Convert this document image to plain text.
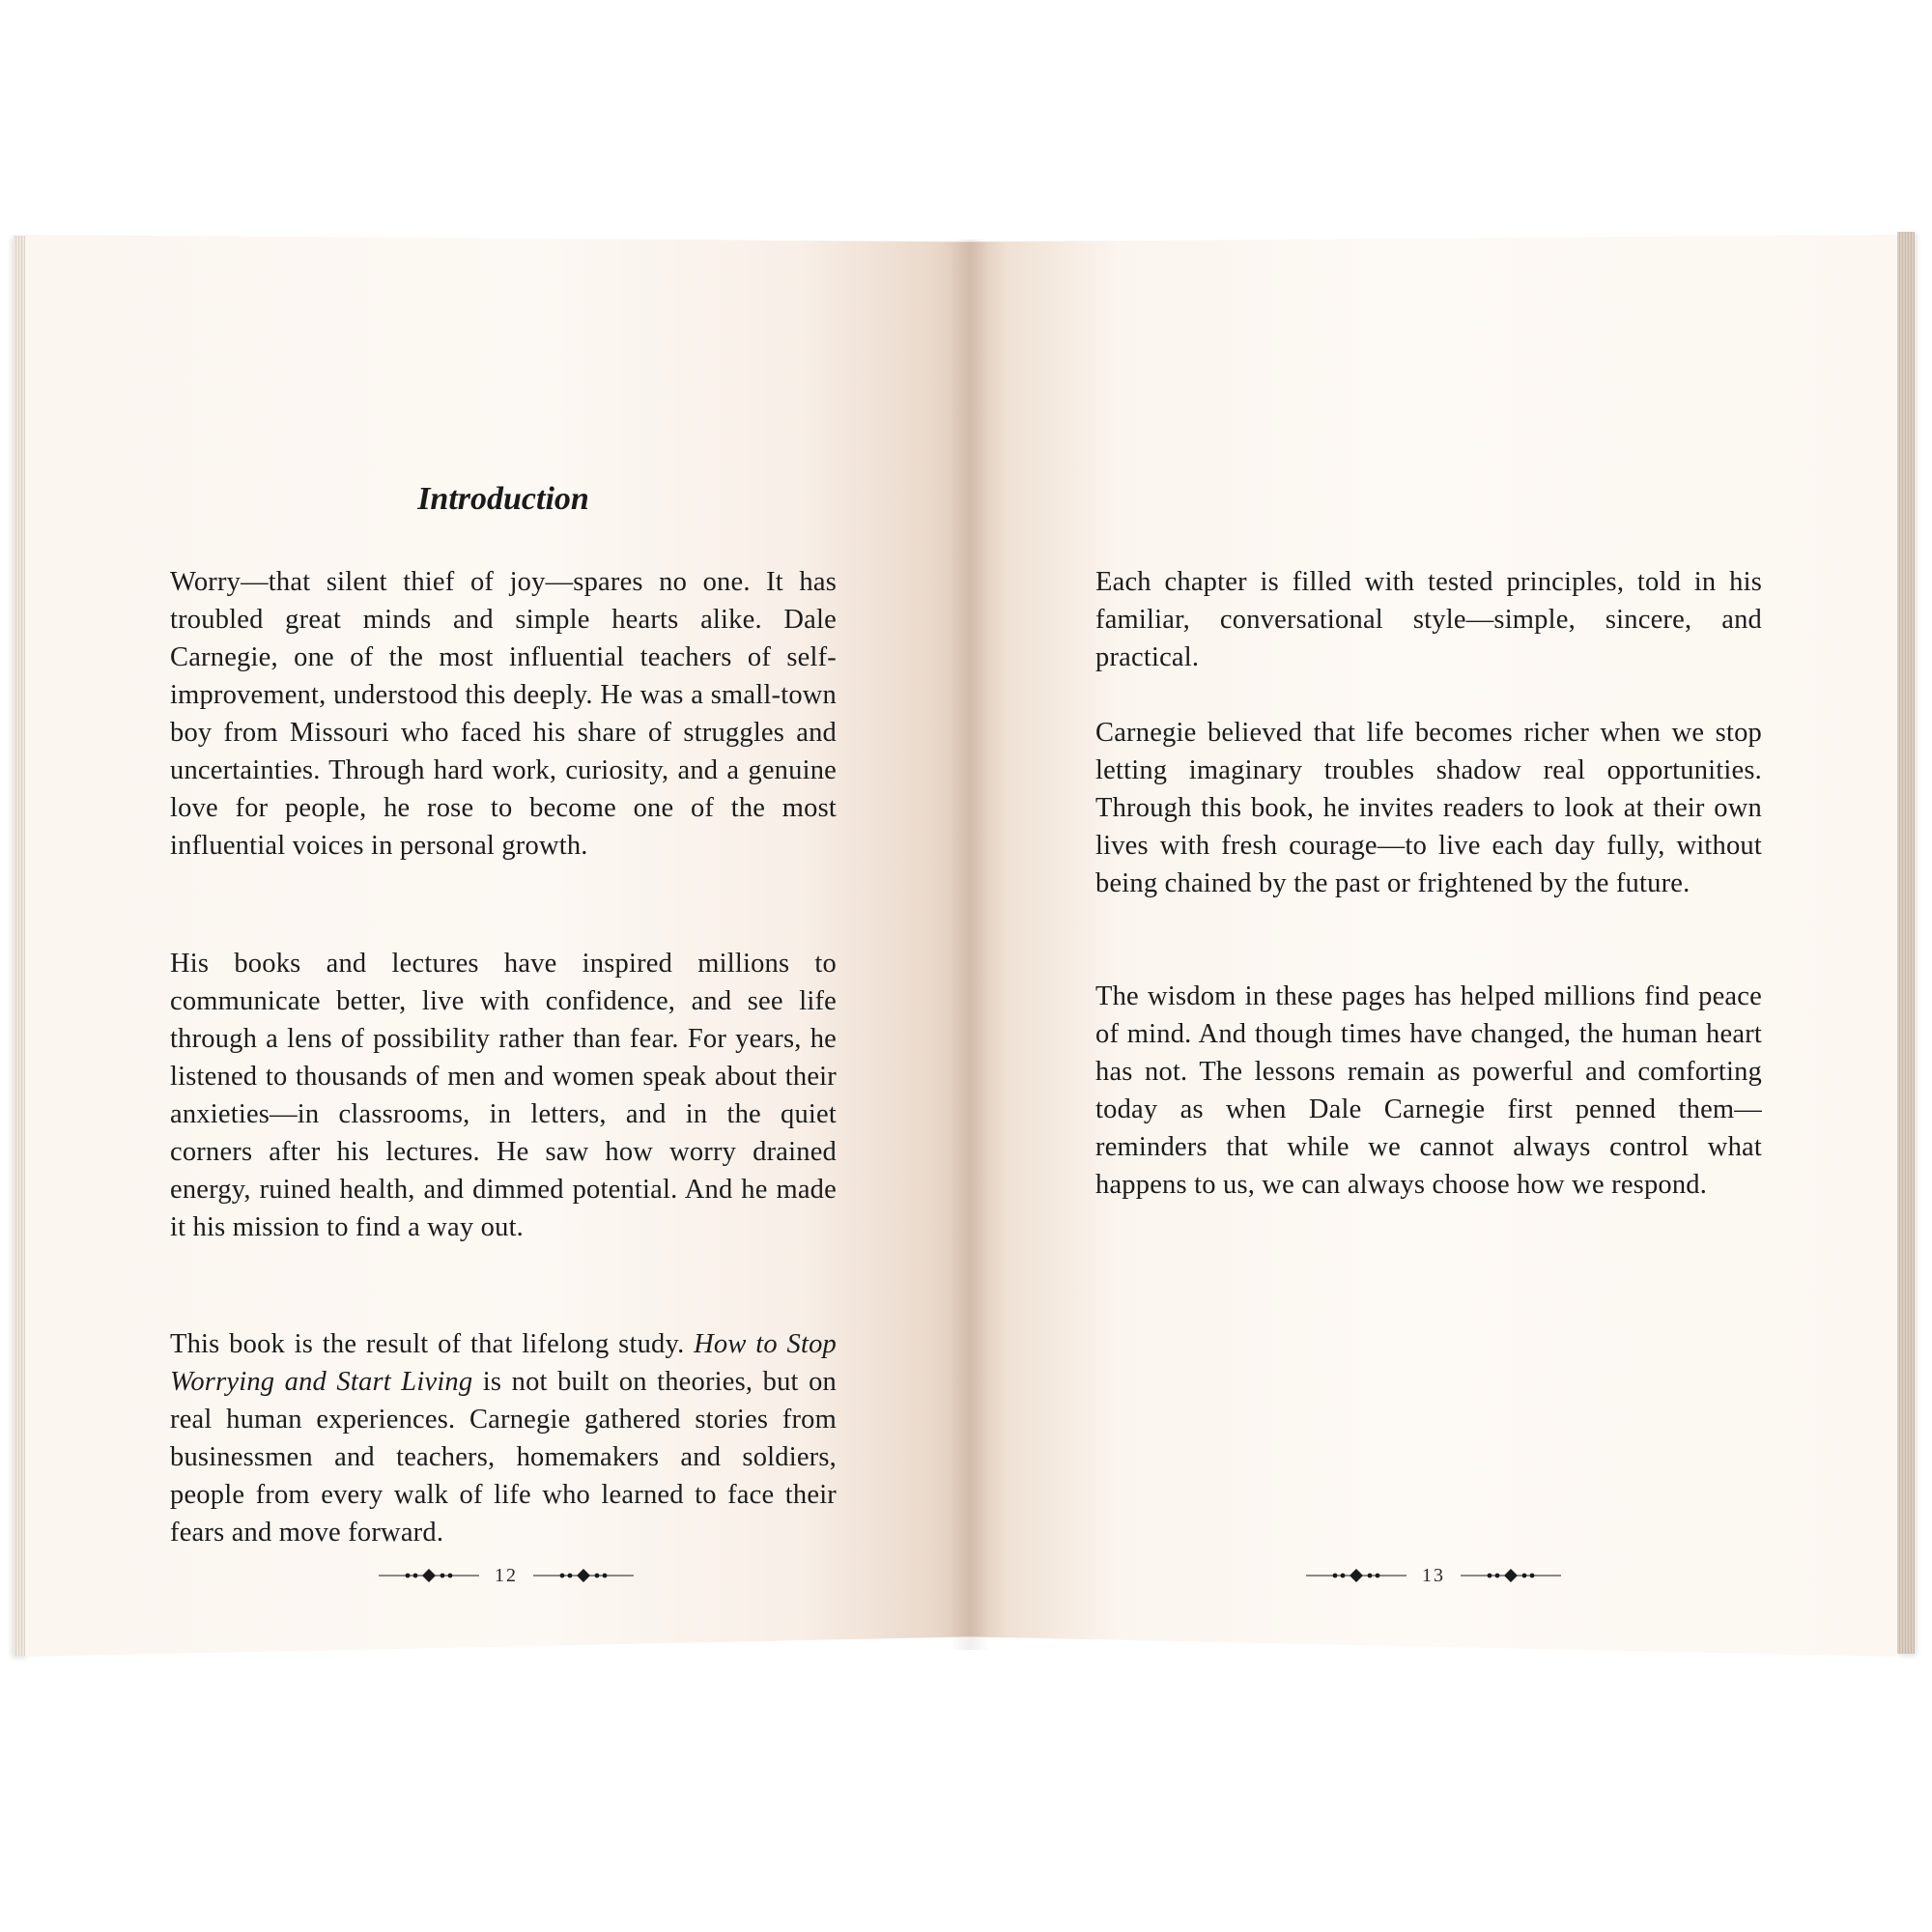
Introduction

Worry—that silent thief of joy—spares no one. It has troubled great minds and simple hearts alike. Dale Carnegie, one of the most influential teachers of self-improvement, understood this deeply. He was a small-town boy from Missouri who faced his share of struggles and uncertainties. Through hard work, curiosity, and a genuine love for people, he rose to become one of the most influential voices in personal growth.

His books and lectures have inspired millions to communicate better, live with confidence, and see life through a lens of possibility rather than fear. For years, he listened to thousands of men and women speak about their anxieties—in classrooms, in letters, and in the quiet corners after his lectures. He saw how worry drained energy, ruined health, and dimmed potential. And he made it his mission to find a way out.

This book is the result of that lifelong study. How to Stop Worrying and Start Living is not built on theories, but on real human experiences. Carnegie gathered stories from businessmen and teachers, homemakers and soldiers, people from every walk of life who learned to face their fears and move forward.

12

Each chapter is filled with tested principles, told in his familiar, conversational style—simple, sincere, and practical.

Carnegie believed that life becomes richer when we stop letting imaginary troubles shadow real opportunities. Through this book, he invites readers to look at their own lives with fresh courage—to live each day fully, without being chained by the past or frightened by the future.

The wisdom in these pages has helped millions find peace of mind. And though times have changed, the human heart has not. The lessons remain as powerful and comforting today as when Dale Carnegie first penned them—reminders that while we cannot always control what happens to us, we can always choose how we respond.

13
